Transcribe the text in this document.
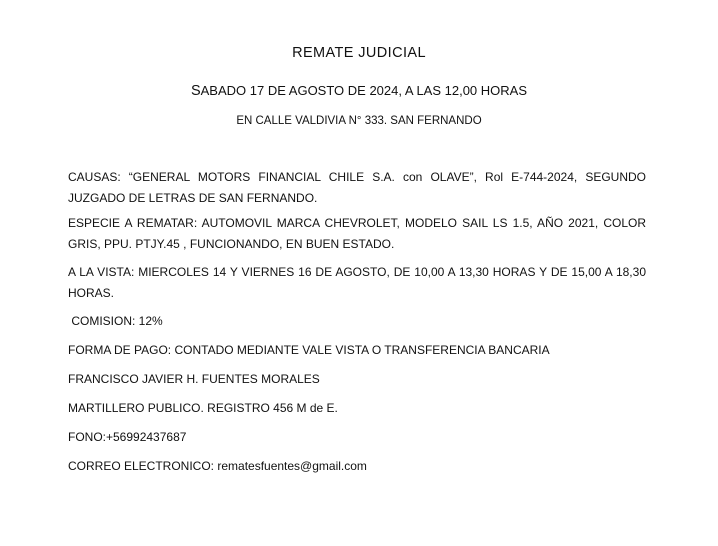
REMATE JUDICIAL
SABADO 17 DE AGOSTO DE 2024, A LAS 12,00 HORAS
EN CALLE VALDIVIA N° 333. SAN FERNANDO
CAUSAS: “GENERAL MOTORS FINANCIAL CHILE S.A. con OLAVE”, Rol E-744-2024, SEGUNDO JUZGADO DE LETRAS DE SAN FERNANDO.
ESPECIE A REMATAR: AUTOMOVIL MARCA CHEVROLET, MODELO SAIL LS 1.5, AÑO 2021, COLOR GRIS, PPU. PTJY.45 , FUNCIONANDO, EN BUEN ESTADO.
A LA VISTA: MIERCOLES 14 Y VIERNES 16 DE AGOSTO, DE 10,00 A 13,30 HORAS Y DE 15,00 A 18,30 HORAS.
COMISION: 12%
FORMA DE PAGO: CONTADO MEDIANTE VALE VISTA O TRANSFERENCIA BANCARIA
FRANCISCO JAVIER H. FUENTES MORALES
MARTILLERO PUBLICO. REGISTRO 456 M de E.
FONO:+56992437687
CORREO ELECTRONICO: rematesfuentes@gmail.com
